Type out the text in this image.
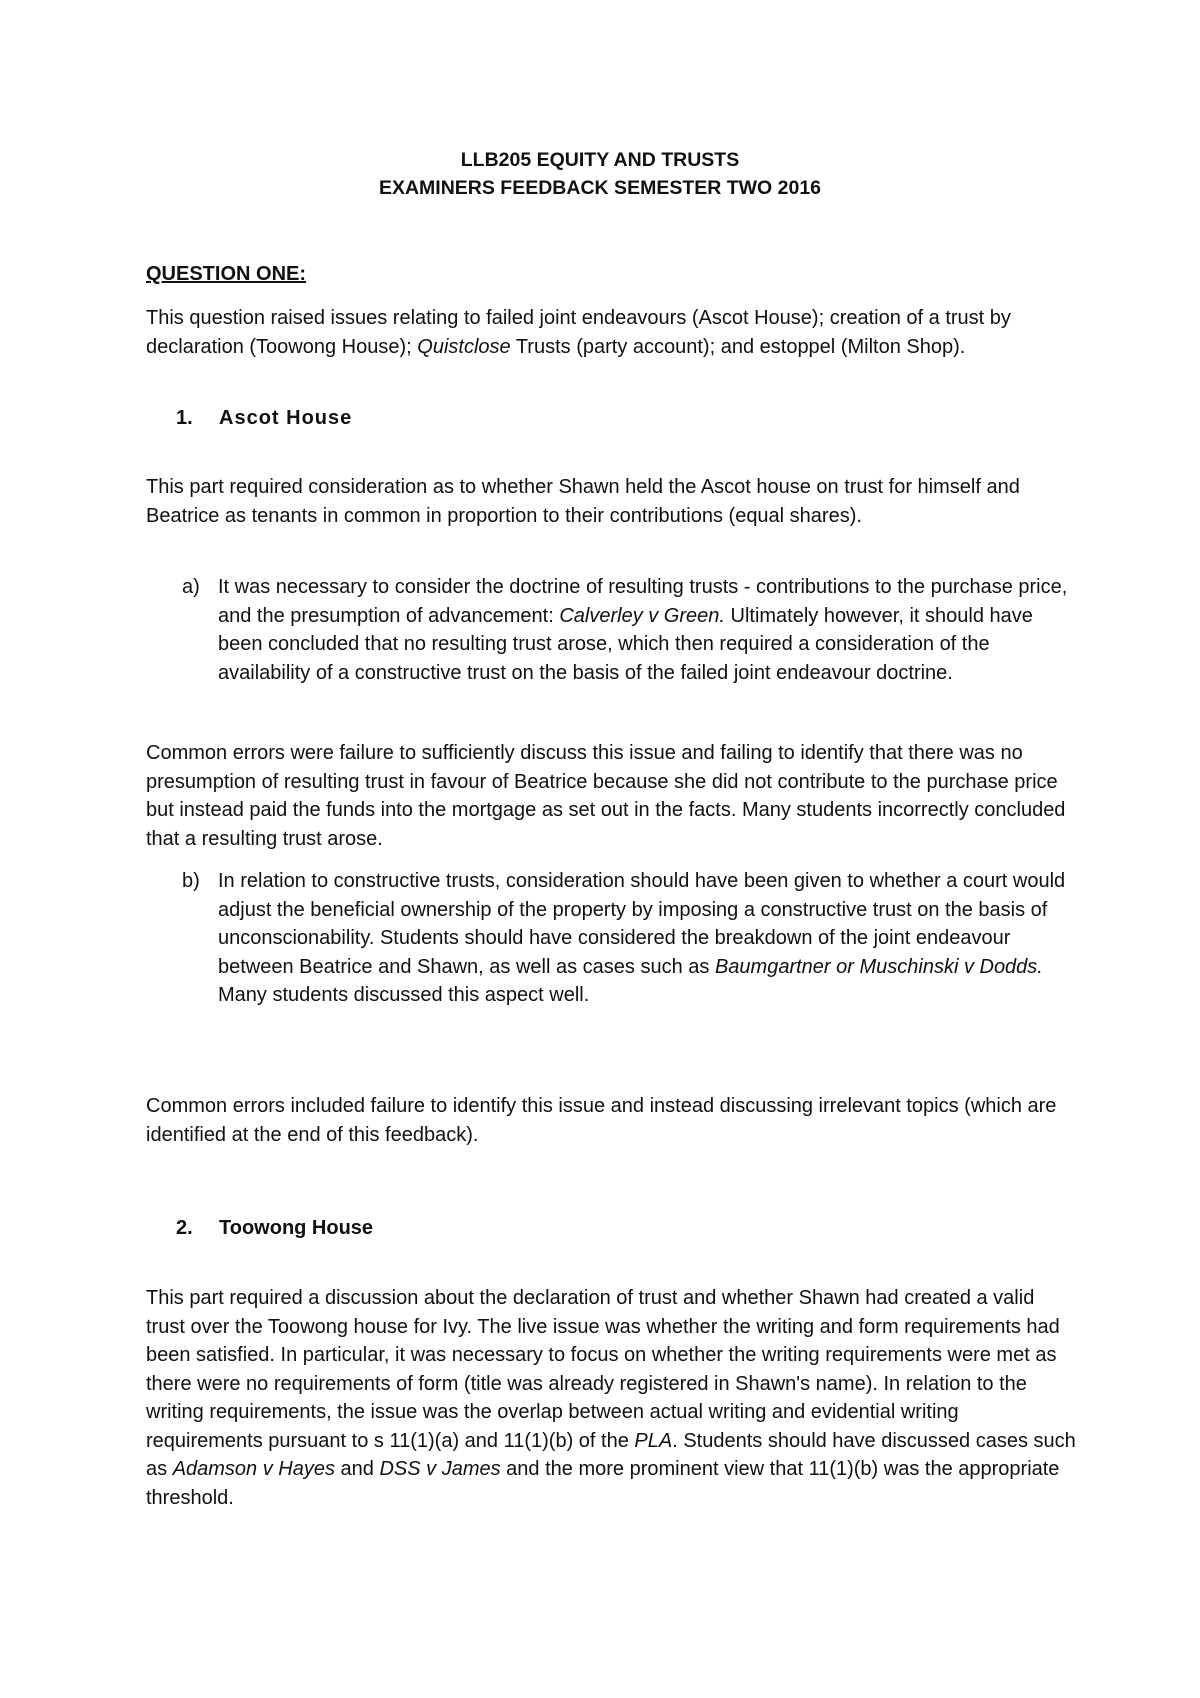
LLB205 EQUITY AND TRUSTS
EXAMINERS FEEDBACK SEMESTER TWO 2016
QUESTION ONE:

This question raised issues relating to failed joint endeavours (Ascot House); creation of a trust by declaration (Toowong House); Quistclose Trusts (party account); and estoppel (Milton Shop).

1. Ascot House

This part required consideration as to whether Shawn held the Ascot house on trust for himself and Beatrice as tenants in common in proportion to their contributions (equal shares).

a) It was necessary to consider the doctrine of resulting trusts - contributions to the purchase price, and the presumption of advancement: Calverley v Green. Ultimately however, it should have been concluded that no resulting trust arose, which then required a consideration of the availability of a constructive trust on the basis of the failed joint endeavour doctrine.

Common errors were failure to sufficiently discuss this issue and failing to identify that there was no presumption of resulting trust in favour of Beatrice because she did not contribute to the purchase price but instead paid the funds into the mortgage as set out in the facts. Many students incorrectly concluded that a resulting trust arose.

b) In relation to constructive trusts, consideration should have been given to whether a court would adjust the beneficial ownership of the property by imposing a constructive trust on the basis of unconscionability. Students should have considered the breakdown of the joint endeavour between Beatrice and Shawn, as well as cases such as Baumgartner or Muschinski v Dodds. Many students discussed this aspect well.

Common errors included failure to identify this issue and instead discussing irrelevant topics (which are identified at the end of this feedback).

2. Toowong House

This part required a discussion about the declaration of trust and whether Shawn had created a valid trust over the Toowong house for Ivy. The live issue was whether the writing and form requirements had been satisfied. In particular, it was necessary to focus on whether the writing requirements were met as there were no requirements of form (title was already registered in Shawn's name). In relation to the writing requirements, the issue was the overlap between actual writing and evidential writing requirements pursuant to s 11(1)(a) and 11(1)(b) of the PLA. Students should have discussed cases such as Adamson v Hayes and DSS v James and the more prominent view that 11(1)(b) was the appropriate threshold.
